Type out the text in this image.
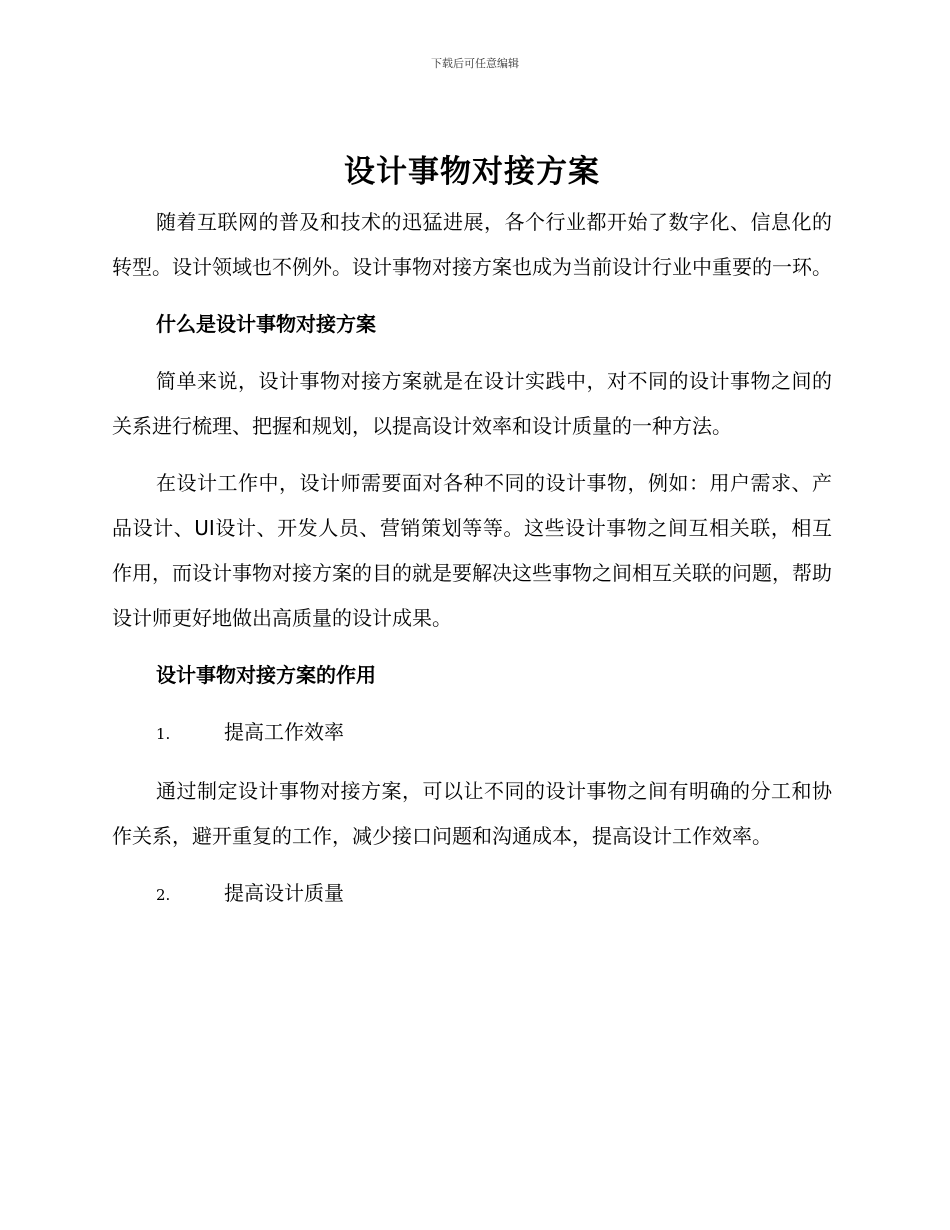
下载后可任意编辑
设计事物对接方案

随着互联网的普及和技术的迅猛进展，各个行业都开始了数字化、信息化的转型。设计领域也不例外。设计事物对接方案也成为当前设计行业中重要的一环。

什么是设计事物对接方案

简单来说，设计事物对接方案就是在设计实践中，对不同的设计事物之间的关系进行梳理、把握和规划，以提高设计效率和设计质量的一种方法。

在设计工作中，设计师需要面对各种不同的设计事物，例如：用户需求、产品设计、UI设计、开发人员、营销策划等等。这些设计事物之间互相关联，相互作用，而设计事物对接方案的目的就是要解决这些事物之间相互关联的问题，帮助设计师更好地做出高质量的设计成果。

设计事物对接方案的作用
1.	提高工作效率

通过制定设计事物对接方案，可以让不同的设计事物之间有明确的分工和协作关系，避开重复的工作，减少接口问题和沟通成本，提高设计工作效率。

2.	提高设计质量
